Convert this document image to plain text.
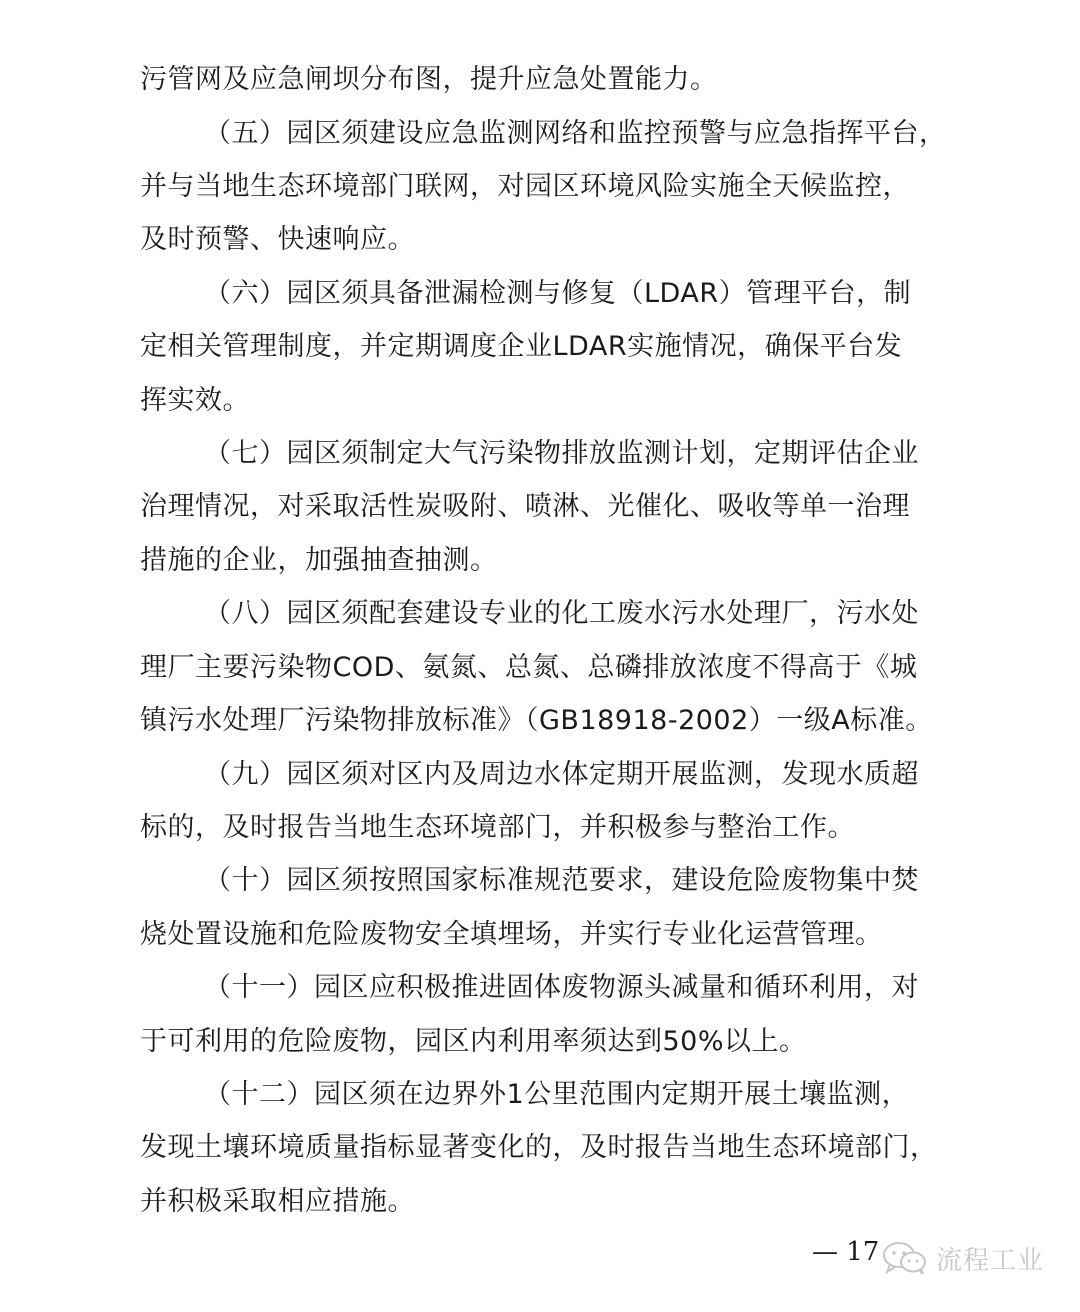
污管网及应急闸坝分布图，提升应急处置能力。
（五）园区须建设应急监测网络和监控预警与应急指挥平台，
并与当地生态环境部门联网，对园区环境风险实施全天候监控，
及时预警、快速响应。
（六）园区须具备泄漏检测与修复（LDAR）管理平台，制
定相关管理制度，并定期调度企业LDAR实施情况，确保平台发
挥实效。
（七）园区须制定大气污染物排放监测计划，定期评估企业
治理情况，对采取活性炭吸附、喷淋、光催化、吸收等单一治理
措施的企业，加强抽查抽测。
（八）园区须配套建设专业的化工废水污水处理厂，污水处
理厂主要污染物COD、氨氮、总氮、总磷排放浓度不得高于《城
镇污水处理厂污染物排放标准》（GB18918-2002）一级A标准。
（九）园区须对区内及周边水体定期开展监测，发现水质超
标的，及时报告当地生态环境部门，并积极参与整治工作。
（十）园区须按照国家标准规范要求，建设危险废物集中焚
烧处置设施和危险废物安全填埋场，并实行专业化运营管理。
（十一）园区应积极推进固体废物源头减量和循环利用，对
于可利用的危险废物，园区内利用率须达到50%以上。
（十二）园区须在边界外1公里范围内定期开展土壤监测，
发现土壤环境质量指标显著变化的，及时报告当地生态环境部门，
并积极采取相应措施。
— 17 流程工业
